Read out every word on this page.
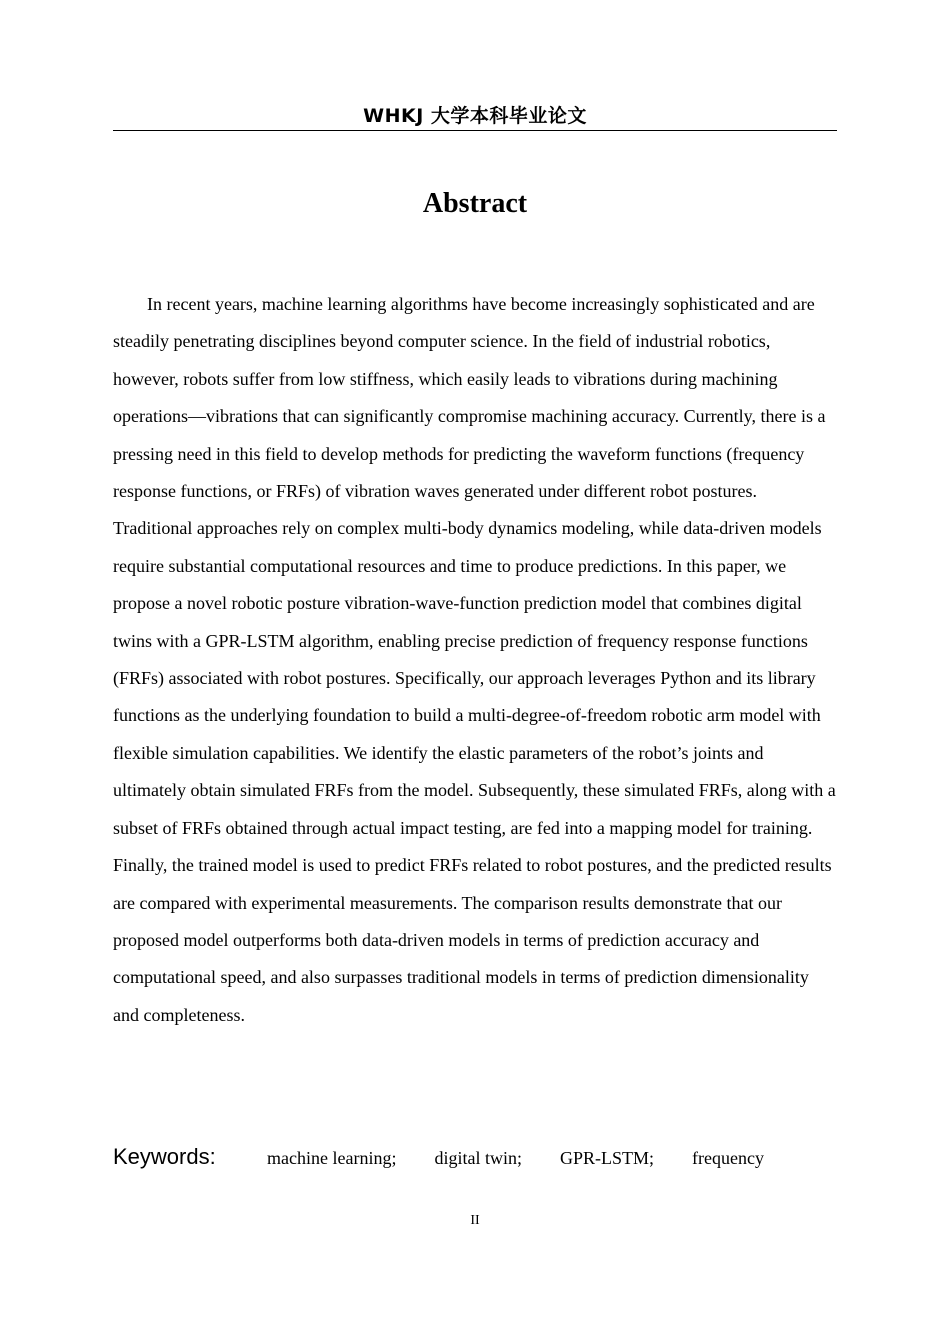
WHKJ 大学本科毕业论文
Abstract

In recent years, machine learning algorithms have become increasingly sophisticated and are steadily penetrating disciplines beyond computer science. In the field of industrial robotics, however, robots suffer from low stiffness, which easily leads to vibrations during machining operations—vibrations that can significantly compromise machining accuracy. Currently, there is a pressing need in this field to develop methods for predicting the waveform functions (frequency response functions, or FRFs) of vibration waves generated under different robot postures. Traditional approaches rely on complex multi-body dynamics modeling, while data-driven models require substantial computational resources and time to produce predictions. In this paper, we propose a novel robotic posture vibration-wave-function prediction model that combines digital twins with a GPR-LSTM algorithm, enabling precise prediction of frequency response functions (FRFs) associated with robot postures. Specifically, our approach leverages Python and its library functions as the underlying foundation to build a multi-degree-of-freedom robotic arm model with flexible simulation capabilities. We identify the elastic parameters of the robot’s joints and ultimately obtain simulated FRFs from the model. Subsequently, these simulated FRFs, along with a subset of FRFs obtained through actual impact testing, are fed into a mapping model for training. Finally, the trained model is used to predict FRFs related to robot postures, and the predicted results are compared with experimental measurements. The comparison results demonstrate that our proposed model outperforms both data-driven models in terms of prediction accuracy and computational speed, and also surpasses traditional models in terms of prediction dimensionality and completeness.

Keywords:	machine learning; digital twin; GPR-LSTM; frequency
II
